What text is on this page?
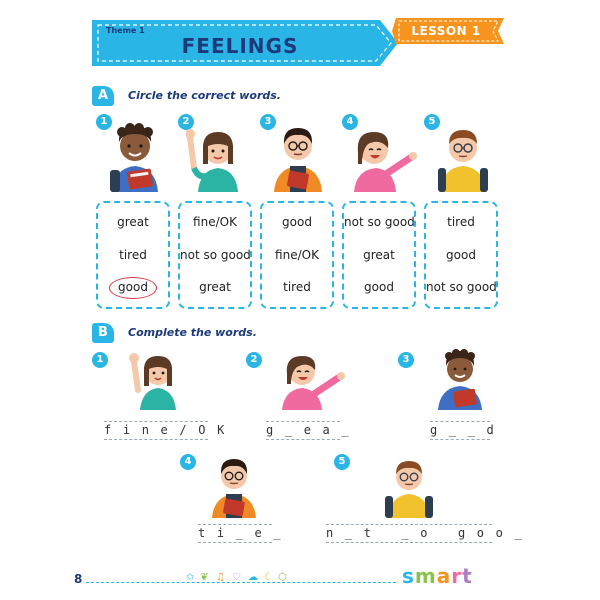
Theme 1
FEELINGS
LESSON 1
A	Circle the correct words.
1	2	3	4	5
great
tired
good
fine/OK
not so good
great
good
fine/OK
tired
not so good
great
good
tired
good
not so good
B	Complete the words.
1	2	3
4	5
f i n e / O K	g _ e a _	g _ _ d
t i _ e _	n _ t   _ o   g o o _
8	✩ ❦ ♫ ♡ ☁ ☾ ⬡	smart
